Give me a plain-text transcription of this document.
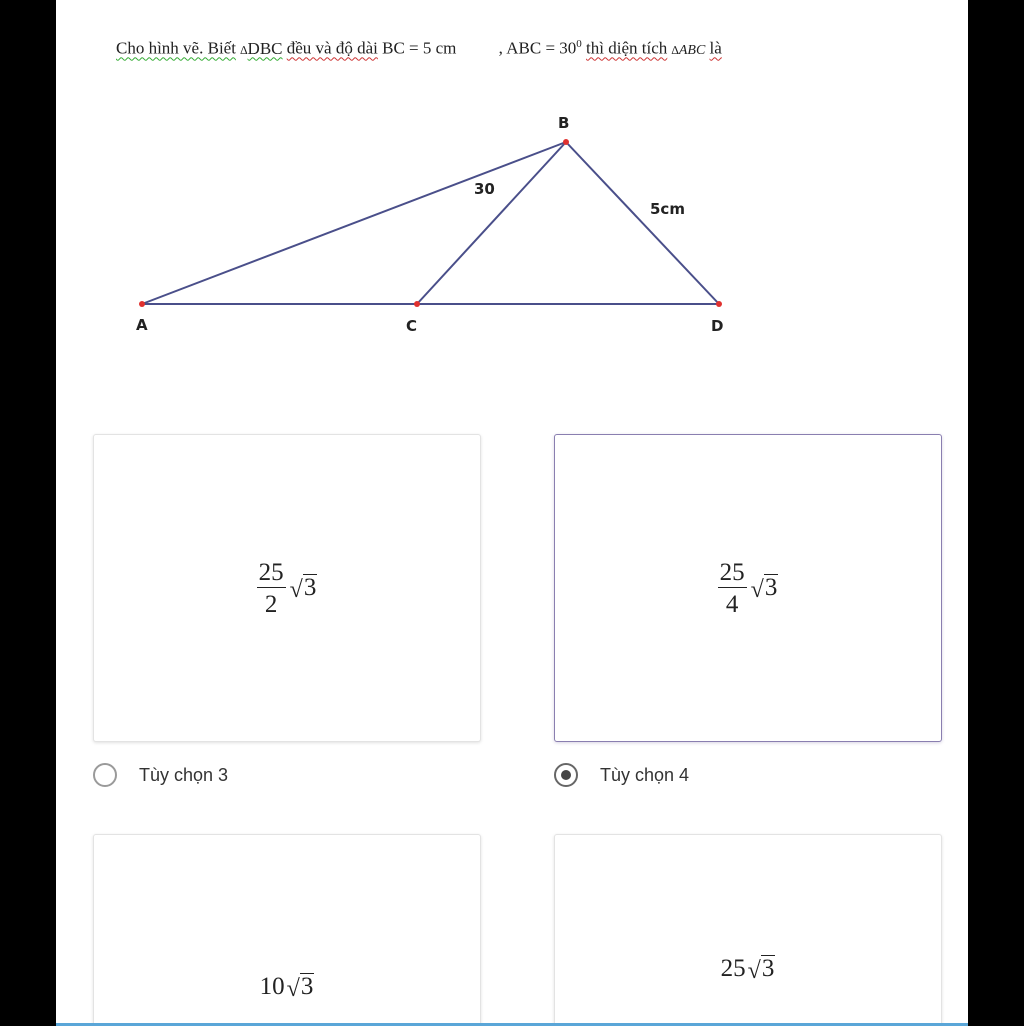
Cho hình vẽ. Biết ∆DBC đều và độ dài BC = 5 cm , ABC = $30^0$ thì diện tích ∆ABC là
B
A	C	D
30
5cm
$\frac{25}{2}$ √ 3	$\frac{25}{4}$ √ 3
Tùy chọn 3	Tùy chọn 4
10 √ 3
25 √ 3
